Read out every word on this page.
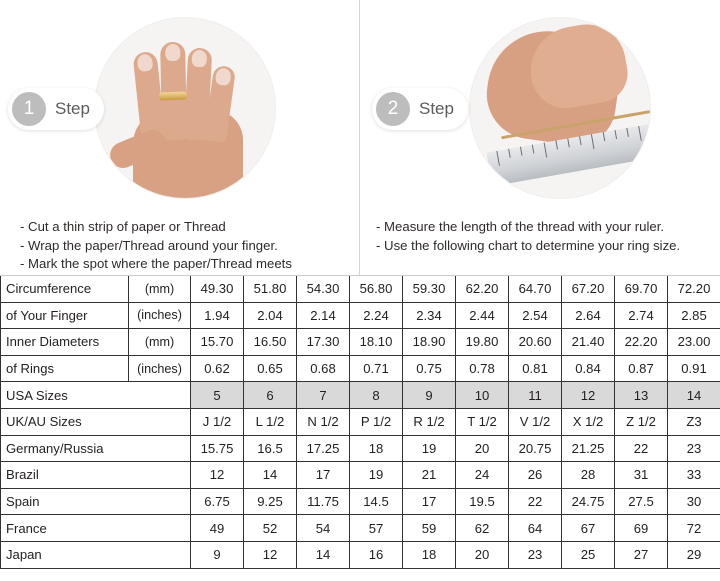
1	Step
- Cut a thin strip of paper or Thread
- Wrap the paper/Thread around your finger.
- Mark the spot where the paper/Thread meets
2	Step
- Measure the length of the thread with your ruler.
- Use the following chart to determine your ring size.
Circumference	(mm)	49.30	51.80	54.30	56.80	59.30	62.20	64.70	67.20	69.70	72.20
of Your Finger	(inches)	1.94	2.04	2.14	2.24	2.34	2.44	2.54	2.64	2.74	2.85
Inner Diameters	(mm)	15.70	16.50	17.30	18.10	18.90	19.80	20.60	21.40	22.20	23.00
of Rings	(inches)	0.62	0.65	0.68	0.71	0.75	0.78	0.81	0.84	0.87	0.91
USA Sizes		5	6	7	8	9	10	11	12	13	14
UK/AU Sizes		J 1/2	L 1/2	N 1/2	P 1/2	R 1/2	T 1/2	V 1/2	X 1/2	Z 1/2	Z3
Germany/Russia		15.75	16.5	17.25	18	19	20	20.75	21.25	22	23
Brazil		12	14	17	19	21	24	26	28	31	33
Spain		6.75	9.25	11.75	14.5	17	19.5	22	24.75	27.5	30
France		49	52	54	57	59	62	64	67	69	72
Japan		9	12	14	16	18	20	23	25	27	29
